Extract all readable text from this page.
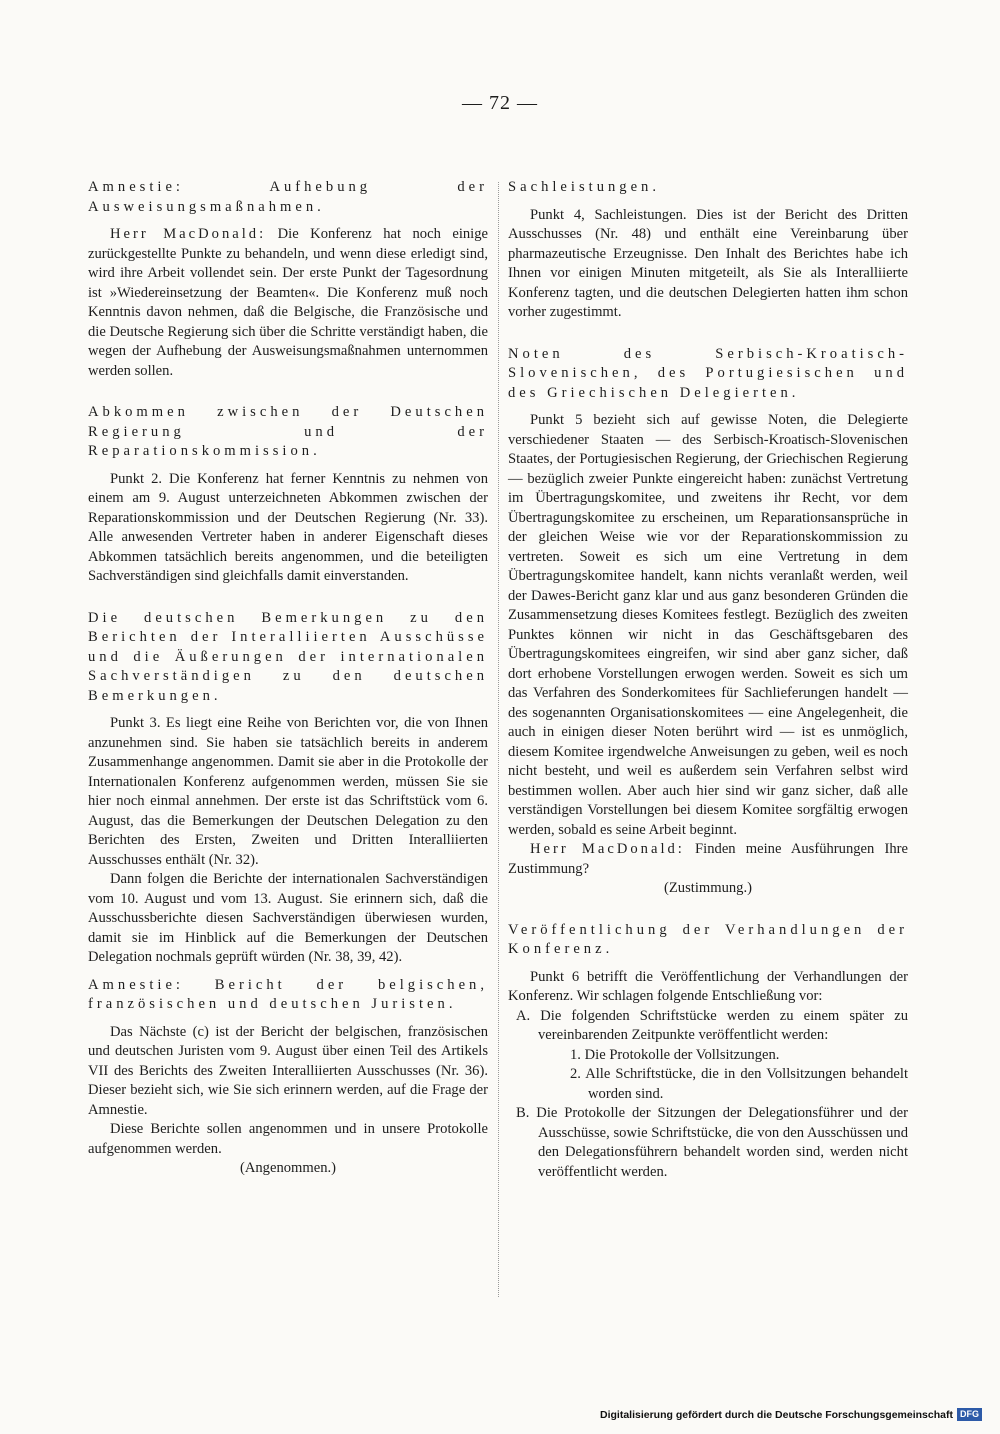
— 72 —

Amnestie: Aufhebung der Ausweisungsmaßnahmen.

Herr MacDonald: Die Konferenz hat noch einige zurückgestellte Punkte zu behandeln, und wenn diese erledigt sind, wird ihre Arbeit vollendet sein. Der erste Punkt der Tagesordnung ist »Wiedereinsetzung der Beamten«. Die Konferenz muß noch Kenntnis davon nehmen, daß die Belgische, die Französische und die Deutsche Regierung sich über die Schritte verständigt haben, die wegen der Aufhebung der Ausweisungsmaßnahmen unternommen werden sollen.

Abkommen zwischen der Deutschen Regierung und der Reparationskommission.

Punkt 2. Die Konferenz hat ferner Kenntnis zu nehmen von einem am 9. August unterzeichneten Abkommen zwischen der Reparationskommission und der Deutschen Regierung (Nr. 33). Alle anwesenden Vertreter haben in anderer Eigenschaft dieses Abkommen tatsächlich bereits angenommen, und die beteiligten Sachverständigen sind gleichfalls damit einverstanden.

Die deutschen Bemerkungen zu den Berichten der Interalliierten Ausschüsse und die Äußerungen der internationalen Sachverständigen zu den deutschen Bemerkungen.

Punkt 3. Es liegt eine Reihe von Berichten vor, die von Ihnen anzunehmen sind. Sie haben sie tatsächlich bereits in anderem Zusammenhange angenommen. Damit sie aber in die Protokolle der Internationalen Konferenz aufgenommen werden, müssen Sie sie hier noch einmal annehmen. Der erste ist das Schriftstück vom 6. August, das die Bemerkungen der Deutschen Delegation zu den Berichten des Ersten, Zweiten und Dritten Interalliierten Ausschusses enthält (Nr. 32).

Dann folgen die Berichte der internationalen Sachverständigen vom 10. August und vom 13. August. Sie erinnern sich, daß die Ausschussberichte diesen Sachverständigen überwiesen wurden, damit sie im Hinblick auf die Bemerkungen der Deutschen Delegation nochmals geprüft würden (Nr. 38, 39, 42).

Amnestie: Bericht der belgischen, französischen und deutschen Juristen.

Das Nächste (c) ist der Bericht der belgischen, französischen und deutschen Juristen vom 9. August über einen Teil des Artikels VII des Berichts des Zweiten Interalliierten Ausschusses (Nr. 36). Dieser bezieht sich, wie Sie sich erinnern werden, auf die Frage der Amnestie.

Diese Berichte sollen angenommen und in unsere Protokolle aufgenommen werden.

(Angenommen.)

Sachleistungen.

Punkt 4, Sachleistungen. Dies ist der Bericht des Dritten Ausschusses (Nr. 48) und enthält eine Vereinbarung über pharmazeutische Erzeugnisse. Den Inhalt des Berichtes habe ich Ihnen vor einigen Minuten mitgeteilt, als Sie als Interalliierte Konferenz tagten, und die deutschen Delegierten hatten ihm schon vorher zugestimmt.

Noten des Serbisch-Kroatisch-Slovenischen, des Portugiesischen und des Griechischen Delegierten.

Punkt 5 bezieht sich auf gewisse Noten, die Delegierte verschiedener Staaten — des Serbisch-Kroatisch-Slovenischen Staates, der Portugiesischen Regierung, der Griechischen Regierung — bezüglich zweier Punkte eingereicht haben: zunächst Vertretung im Übertragungskomitee, und zweitens ihr Recht, vor dem Übertragungskomitee zu erscheinen, um Reparationsansprüche in der gleichen Weise wie vor der Reparationskommission zu vertreten. Soweit es sich um eine Vertretung in dem Übertragungskomitee handelt, kann nichts veranlaßt werden, weil der Dawes-Bericht ganz klar und aus ganz besonderen Gründen die Zusammensetzung dieses Komitees festlegt. Bezüglich des zweiten Punktes können wir nicht in das Geschäftsgebaren des Übertragungskomitees eingreifen, wir sind aber ganz sicher, daß dort erhobene Vorstellungen erwogen werden. Soweit es sich um das Verfahren des Sonderkomitees für Sachlieferungen handelt — des sogenannten Organisationskomitees — eine Angelegenheit, die auch in einigen dieser Noten berührt wird — ist es unmöglich, diesem Komitee irgendwelche Anweisungen zu geben, weil es noch nicht besteht, und weil es außerdem sein Verfahren selbst wird bestimmen wollen. Aber auch hier sind wir ganz sicher, daß alle verständigen Vorstellungen bei diesem Komitee sorgfältig erwogen werden, sobald es seine Arbeit beginnt.

Herr MacDonald: Finden meine Ausführungen Ihre Zustimmung?

(Zustimmung.)

Veröffentlichung der Verhandlungen der Konferenz.

Punkt 6 betrifft die Veröffentlichung der Verhandlungen der Konferenz. Wir schlagen folgende Entschließung vor:

A. Die folgenden Schriftstücke werden zu einem später zu vereinbarenden Zeitpunkte veröffentlicht werden:

1. Die Protokolle der Vollsitzungen.

2. Alle Schriftstücke, die in den Vollsitzungen behandelt worden sind.

B. Die Protokolle der Sitzungen der Delegationsführer und der Ausschüsse, sowie Schriftstücke, die von den Ausschüssen und den Delegationsführern behandelt worden sind, werden nicht veröffentlicht werden.

Digitalisierung gefördert durch die Deutsche Forschungsgemeinschaft DFG
